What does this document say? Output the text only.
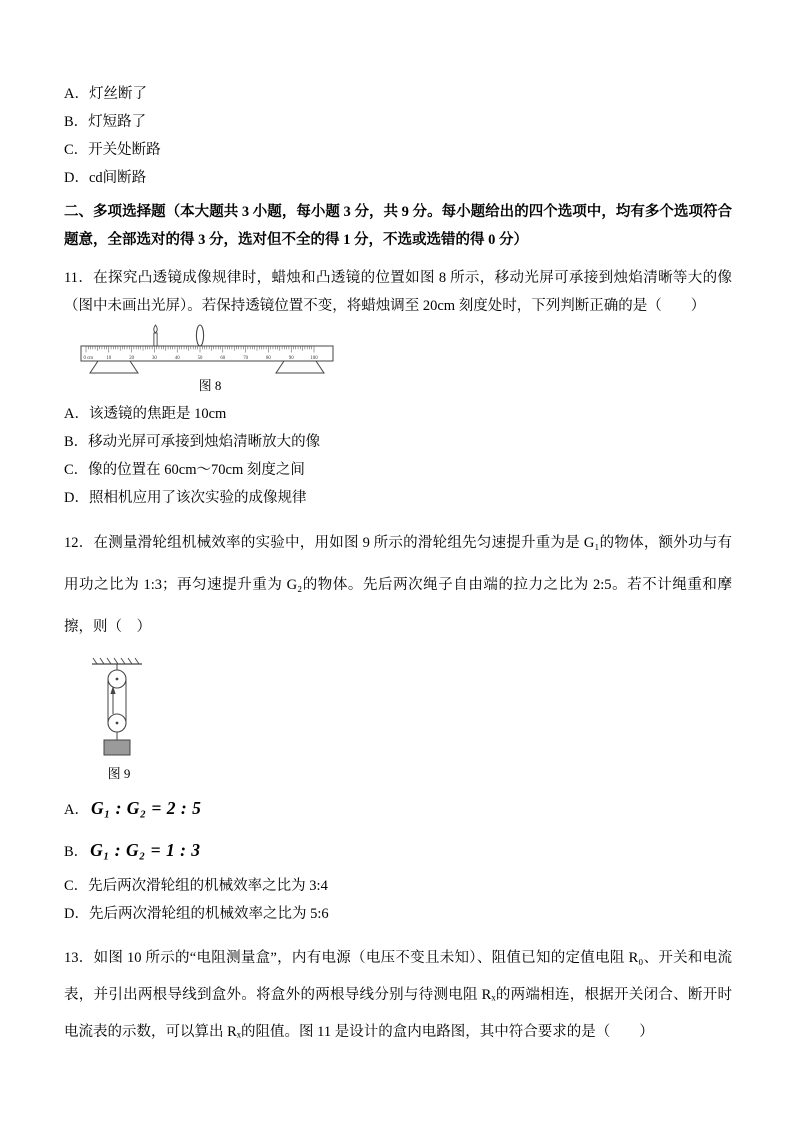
A．灯丝断了
B．灯短路了
C．开关处断路
D．cd间断路

二、多项选择题（本大题共 3 小题，每小题 3 分，共 9 分。每小题给出的四个选项中，均有多个选项符合题意，全部选对的得 3 分，选对但不全的得 1 分，不选或选错的得 0 分）

11．在探究凸透镜成像规律时，蜡烛和凸透镜的位置如图 8 所示，移动光屏可承接到烛焰清晰等大的像（图中未画出光屏）。若保持透镜位置不变，将蜡烛调至 20cm 刻度处时，下列判断正确的是（　　）

0 cm	10	20	30	40	50	60	70	80	90	100
图 8
A．该透镜的焦距是 10cm
B．移动光屏可承接到烛焰清晰放大的像
C．像的位置在 60cm～70cm 刻度之间
D．照相机应用了该次实验的成像规律

12．在测量滑轮组机械效率的实验中，用如图 9 所示的滑轮组先匀速提升重为是 G₁的物体，额外功与有用功之比为 1:3；再匀速提升重为 G₂的物体。先后两次绳子自由端的拉力之比为 2:5。若不计绳重和摩擦，则（　）

图 9
A． G₁ : G₂ = 2 : 5
B． G₁ : G₂ = 1 : 3
C．先后两次滑轮组的机械效率之比为 3:4
D．先后两次滑轮组的机械效率之比为 5:6

13．如图 10 所示的“电阻测量盒”，内有电源（电压不变且未知）、阻值已知的定值电阻 R₀、开关和电流表，并引出两根导线到盒外。将盒外的两根导线分别与待测电阻 Rₓ的两端相连，根据开关闭合、断开时电流表的示数，可以算出 Rₓ的阻值。图 11 是设计的盒内电路图，其中符合要求的是（　　）
